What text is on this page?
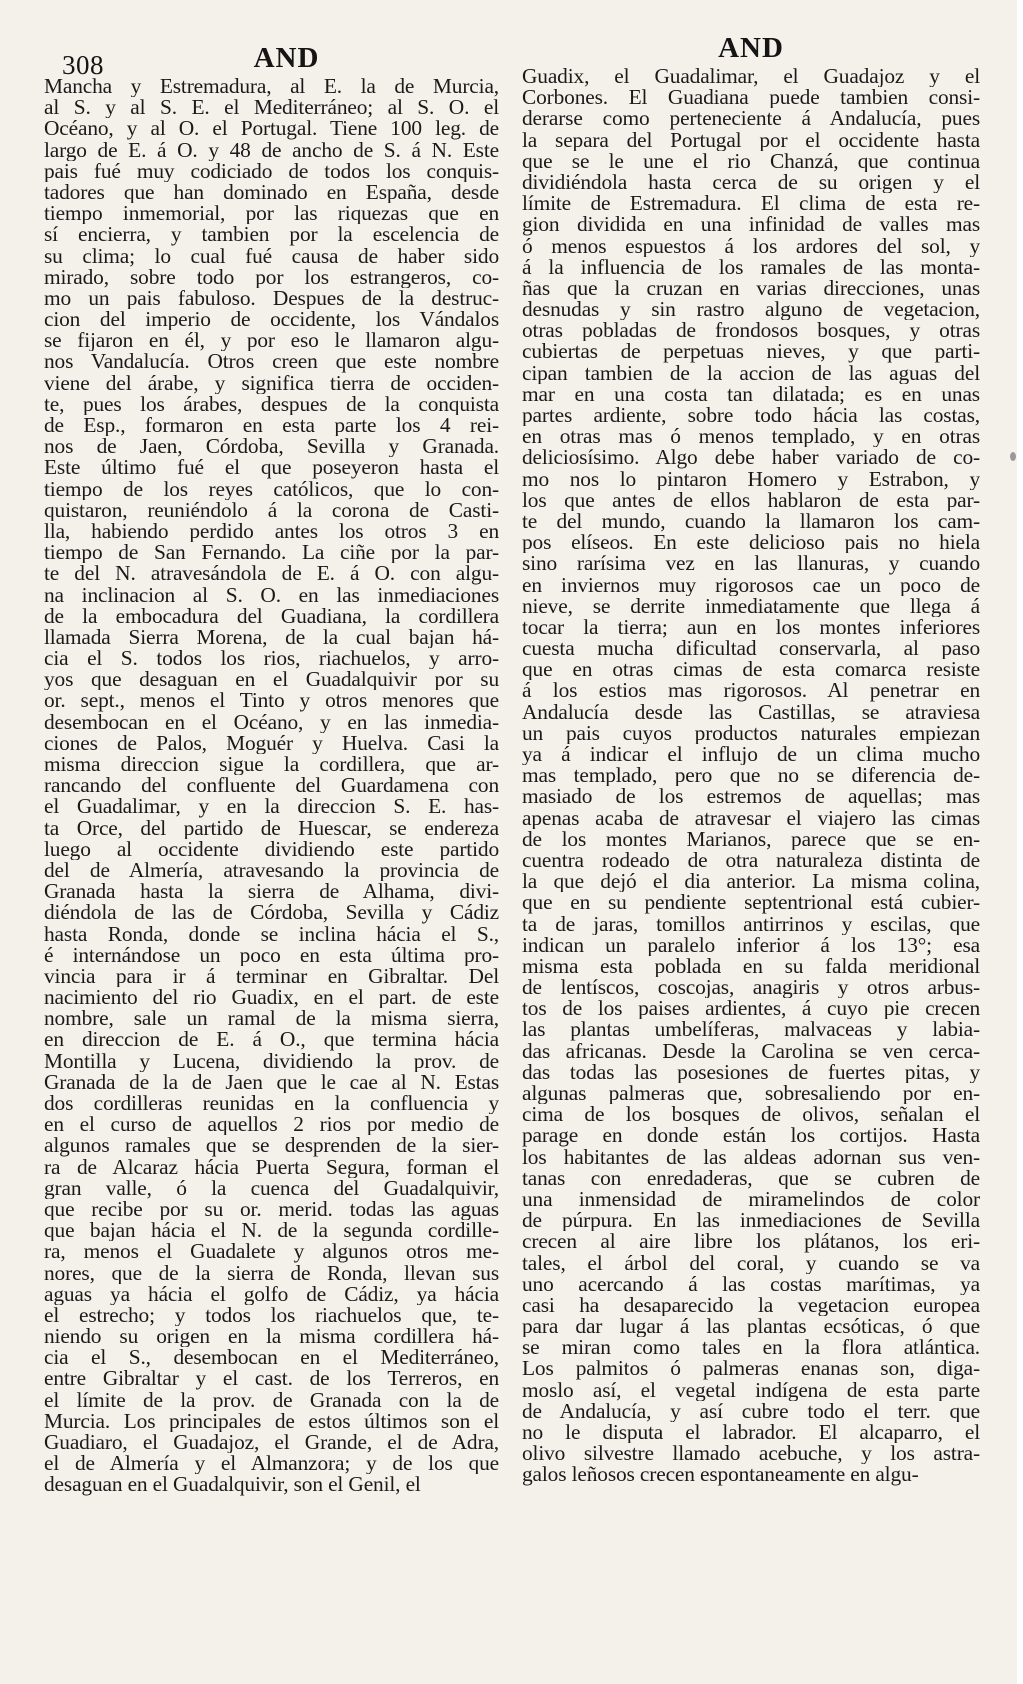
308	AND
Mancha y Estremadura, al E. la de Murcia,
al S. y al S. E. el Mediterráneo; al S. O. el
Océano, y al O. el Portugal. Tiene 100 leg. de
largo de E. á O. y 48 de ancho de S. á N. Este
pais fué muy codiciado de todos los conquis-
tadores que han dominado en España, desde
tiempo inmemorial, por las riquezas que en
sí encierra, y tambien por la escelencia de
su clima; lo cual fué causa de haber sido
mirado, sobre todo por los estrangeros, co-
mo un pais fabuloso. Despues de la destruc-
cion del imperio de occidente, los Vándalos
se fijaron en él, y por eso le llamaron algu-
nos Vandalucía. Otros creen que este nombre
viene del árabe, y significa tierra de occiden-
te, pues los árabes, despues de la conquista
de Esp., formaron en esta parte los 4 rei-
nos de Jaen, Córdoba, Sevilla y Granada.
Este último fué el que poseyeron hasta el
tiempo de los reyes católicos, que lo con-
quistaron, reuniéndolo á la corona de Casti-
lla, habiendo perdido antes los otros 3 en
tiempo de San Fernando. La ciñe por la par-
te del N. atravesándola de E. á O. con algu-
na inclinacion al S. O. en las inmediaciones
de la embocadura del Guadiana, la cordillera
llamada Sierra Morena, de la cual bajan há-
cia el S. todos los rios, riachuelos, y arro-
yos que desaguan en el Guadalquivir por su
or. sept., menos el Tinto y otros menores que
desembocan en el Océano, y en las inmedia-
ciones de Palos, Moguér y Huelva. Casi la
misma direccion sigue la cordillera, que ar-
rancando del confluente del Guardamena con
el Guadalimar, y en la direccion S. E. has-
ta Orce, del partido de Huescar, se endereza
luego al occidente dividiendo este partido
del de Almería, atravesando la provincia de
Granada hasta la sierra de Alhama, divi-
diéndola de las de Córdoba, Sevilla y Cádiz
hasta Ronda, donde se inclina hácia el S.,
é internándose un poco en esta última pro-
vincia para ir á terminar en Gibraltar. Del
nacimiento del rio Guadix, en el part. de este
nombre, sale un ramal de la misma sierra,
en direccion de E. á O., que termina hácia
Montilla y Lucena, dividiendo la prov. de
Granada de la de Jaen que le cae al N. Estas
dos cordilleras reunidas en la confluencia y
en el curso de aquellos 2 rios por medio de
algunos ramales que se desprenden de la sier-
ra de Alcaraz hácia Puerta Segura, forman el
gran valle, ó la cuenca del Guadalquivir,
que recibe por su or. merid. todas las aguas
que bajan hácia el N. de la segunda cordille-
ra, menos el Guadalete y algunos otros me-
nores, que de la sierra de Ronda, llevan sus
aguas ya hácia el golfo de Cádiz, ya hácia
el estrecho; y todos los riachuelos que, te-
niendo su origen en la misma cordillera há-
cia el S., desembocan en el Mediterráneo,
entre Gibraltar y el cast. de los Terreros, en
el límite de la prov. de Granada con la de
Murcia. Los principales de estos últimos son el
Guadiaro, el Guadajoz, el Grande, el de Adra,
el de Almería y el Almanzora; y de los que
desaguan en el Guadalquivir, son el Genil, el
AND
Guadix, el Guadalimar, el Guadajoz y el
Corbones. El Guadiana puede tambien consi-
derarse como perteneciente á Andalucía, pues
la separa del Portugal por el occidente hasta
que se le une el rio Chanzá, que continua
dividiéndola hasta cerca de su origen y el
límite de Estremadura. El clima de esta re-
gion dividida en una infinidad de valles mas
ó menos espuestos á los ardores del sol, y
á la influencia de los ramales de las monta-
ñas que la cruzan en varias direcciones, unas
desnudas y sin rastro alguno de vegetacion,
otras pobladas de frondosos bosques, y otras
cubiertas de perpetuas nieves, y que parti-
cipan tambien de la accion de las aguas del
mar en una costa tan dilatada; es en unas
partes ardiente, sobre todo hácia las costas,
en otras mas ó menos templado, y en otras
deliciosísimo. Algo debe haber variado de co-
mo nos lo pintaron Homero y Estrabon, y
los que antes de ellos hablaron de esta par-
te del mundo, cuando la llamaron los cam-
pos elíseos. En este delicioso pais no hiela
sino rarísima vez en las llanuras, y cuando
en inviernos muy rigorosos cae un poco de
nieve, se derrite inmediatamente que llega á
tocar la tierra; aun en los montes inferiores
cuesta mucha dificultad conservarla, al paso
que en otras cimas de esta comarca resiste
á los estios mas rigorosos. Al penetrar en
Andalucía desde las Castillas, se atraviesa
un pais cuyos productos naturales empiezan
ya á indicar el influjo de un clima mucho
mas templado, pero que no se diferencia de-
masiado de los estremos de aquellas; mas
apenas acaba de atravesar el viajero las cimas
de los montes Marianos, parece que se en-
cuentra rodeado de otra naturaleza distinta de
la que dejó el dia anterior. La misma colina,
que en su pendiente septentrional está cubier-
ta de jaras, tomillos antirrinos y escilas, que
indican un paralelo inferior á los 13°; esa
misma esta poblada en su falda meridional
de lentíscos, coscojas, anagiris y otros arbus-
tos de los paises ardientes, á cuyo pie crecen
las plantas umbelíferas, malvaceas y labia-
das africanas. Desde la Carolina se ven cerca-
das todas las posesiones de fuertes pitas, y
algunas palmeras que, sobresaliendo por en-
cima de los bosques de olivos, señalan el
parage en donde están los cortijos. Hasta
los habitantes de las aldeas adornan sus ven-
tanas con enredaderas, que se cubren de
una inmensidad de miramelindos de color
de púrpura. En las inmediaciones de Sevilla
crecen al aire libre los plátanos, los eri-
tales, el árbol del coral, y cuando se va
uno acercando á las costas marítimas, ya
casi ha desaparecido la vegetacion europea
para dar lugar á las plantas ecsóticas, ó que
se miran como tales en la flora atlántica.
Los palmitos ó palmeras enanas son, diga-
moslo así, el vegetal indígena de esta parte
de Andalucía, y así cubre todo el terr. que
no le disputa el labrador. El alcaparro, el
olivo silvestre llamado acebuche, y los astra-
galos leñosos crecen espontaneamente en algu-
